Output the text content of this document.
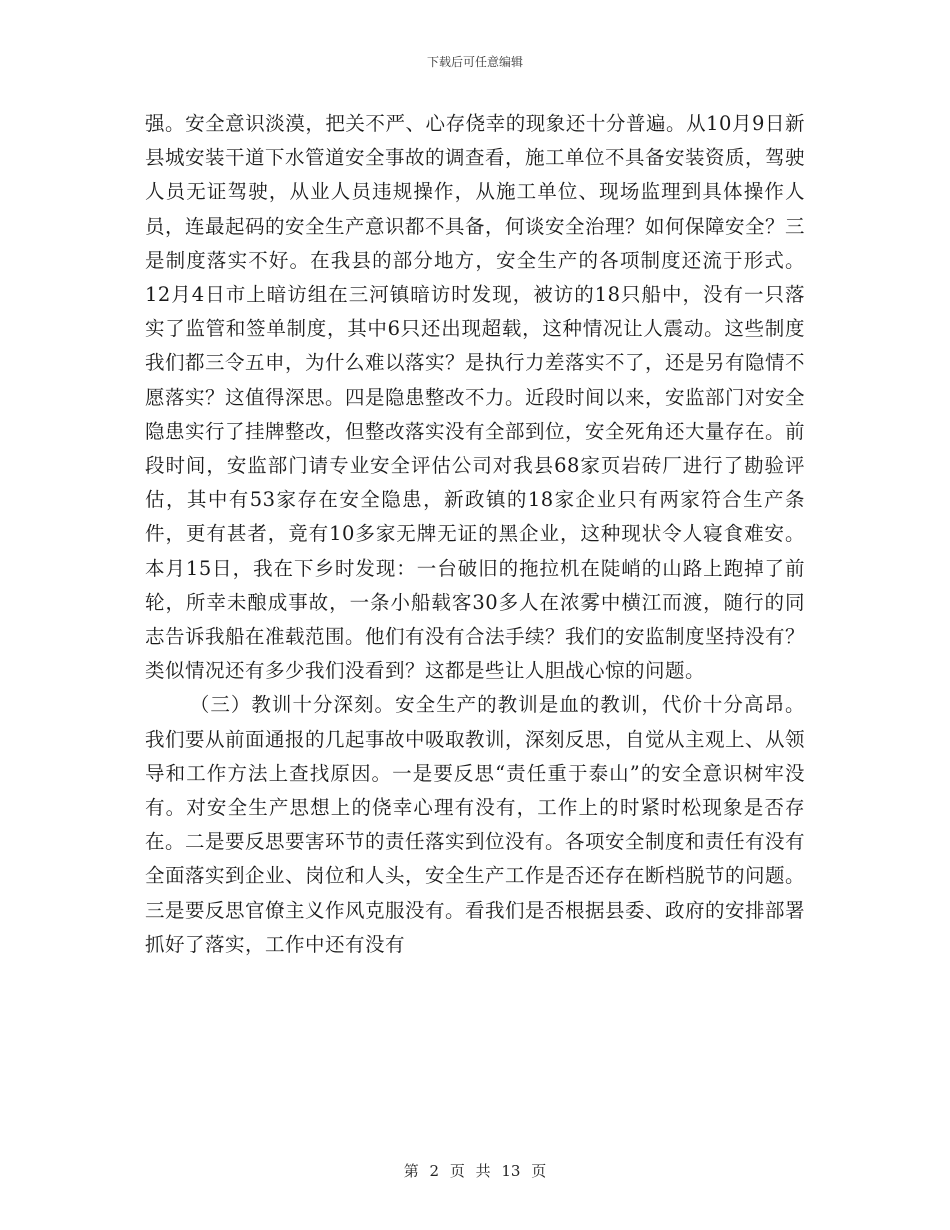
下载后可任意编辑

强。安全意识淡漠，把关不严、心存侥幸的现象还十分普遍。从10月9日新县城安装干道下水管道安全事故的调查看，施工单位不具备安装资质，驾驶人员无证驾驶，从业人员违规操作，从施工单位、现场监理到具体操作人员，连最起码的安全生产意识都不具备，何谈安全治理？如何保障安全？三是制度落实不好。在我县的部分地方，安全生产的各项制度还流于形式。12月4日市上暗访组在三河镇暗访时发现，被访的18只船中，没有一只落实了监管和签单制度，其中6只还出现超载，这种情况让人震动。这些制度我们都三令五申，为什么难以落实？是执行力差落实不了，还是另有隐情不愿落实？这值得深思。四是隐患整改不力。近段时间以来，安监部门对安全隐患实行了挂牌整改，但整改落实没有全部到位，安全死角还大量存在。前段时间，安监部门请专业安全评估公司对我县68家页岩砖厂进行了勘验评估，其中有53家存在安全隐患，新政镇的18家企业只有两家符合生产条件，更有甚者，竟有10多家无牌无证的黑企业，这种现状令人寝食难安。本月15日，我在下乡时发现：一台破旧的拖拉机在陡峭的山路上跑掉了前轮，所幸未酿成事故，一条小船载客30多人在浓雾中横江而渡，随行的同志告诉我船在准载范围。他们有没有合法手续？我们的安监制度坚持没有？类似情况还有多少我们没看到？这都是些让人胆战心惊的问题。

（三）教训十分深刻。安全生产的教训是血的教训，代价十分高昂。我们要从前面通报的几起事故中吸取教训，深刻反思，自觉从主观上、从领导和工作方法上查找原因。一是要反思“责任重于泰山”的安全意识树牢没有。对安全生产思想上的侥幸心理有没有，工作上的时紧时松现象是否存在。二是要反思要害环节的责任落实到位没有。各项安全制度和责任有没有全面落实到企业、岗位和人头，安全生产工作是否还存在断档脱节的问题。三是要反思官僚主义作风克服没有。看我们是否根据县委、政府的安排部署抓好了落实，工作中还有没有

第 2 页 共 13 页
